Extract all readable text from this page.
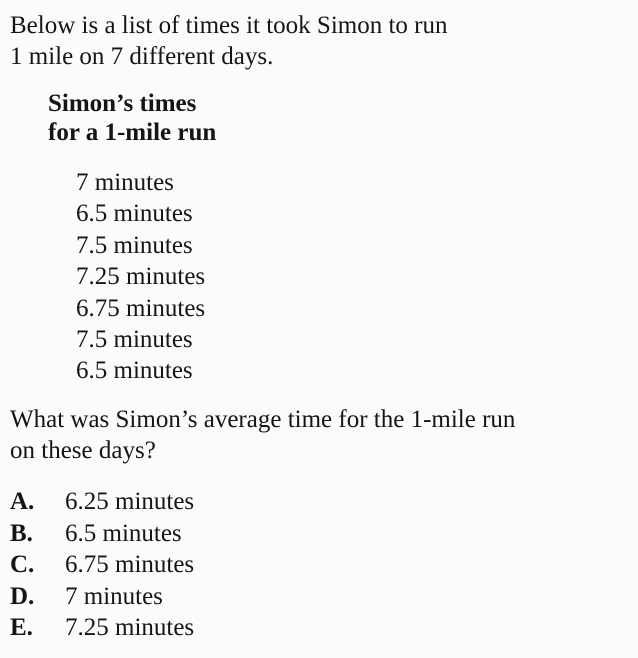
Below is a list of times it took Simon to run
1 mile on 7 different days.
Simon’s times
for a 1-mile run
7 minutes
6.5 minutes
7.5 minutes
7.25 minutes
6.75 minutes
7.5 minutes
6.5 minutes
What was Simon’s average time for the 1-mile run
on these days?
A.	6.25 minutes
B.	6.5 minutes
C.	6.75 minutes
D.	7 minutes
E.	7.25 minutes
